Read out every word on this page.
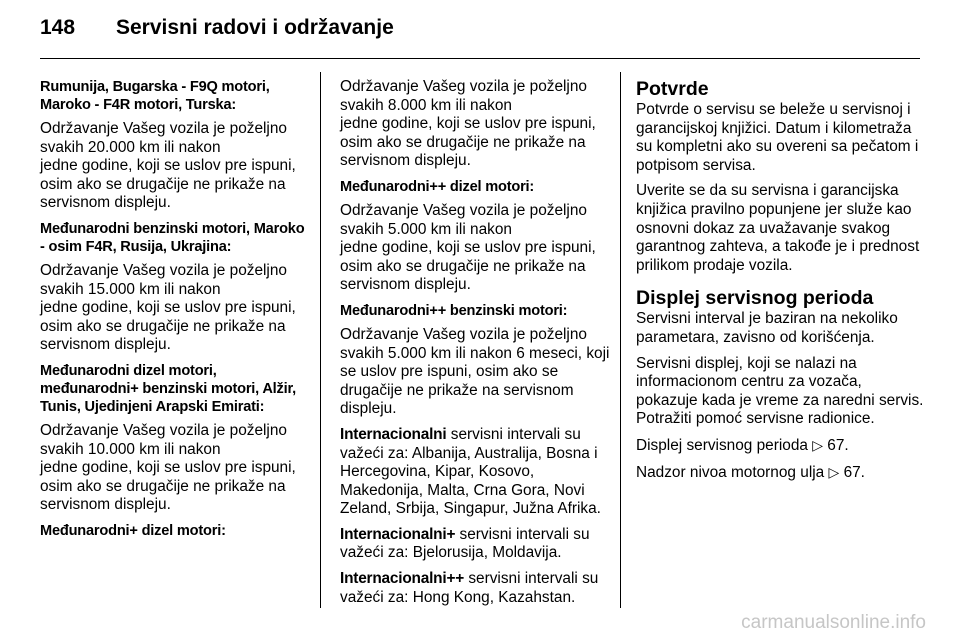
148	Servisni radovi i održavanje
Rumunija, Bugarska - F9Q motori, Maroko - F4R motori, Turska:
Održavanje Vašeg vozila je poželjno svakih 20.000 km ili nakon
jedne godine, koji se uslov pre ispuni, osim ako se drugačije ne prikaže na servisnom displeju.
Međunarodni benzinski motori, Maroko - osim F4R, Rusija, Ukrajina:
Održavanje Vašeg vozila je poželjno svakih 15.000 km ili nakon
jedne godine, koji se uslov pre ispuni, osim ako se drugačije ne prikaže na servisnom displeju.
Međunarodni dizel motori, međunarodni+ benzinski motori, Alžir, Tunis, Ujedinjeni Arapski Emirati:
Održavanje Vašeg vozila je poželjno svakih 10.000 km ili nakon
jedne godine, koji se uslov pre ispuni, osim ako se drugačije ne prikaže na servisnom displeju.
Međunarodni+ dizel motori:
Održavanje Vašeg vozila je poželjno svakih 8.000 km ili nakon
jedne godine, koji se uslov pre ispuni, osim ako se drugačije ne prikaže na servisnom displeju.
Međunarodni++ dizel motori:
Održavanje Vašeg vozila je poželjno svakih 5.000 km ili nakon
jedne godine, koji se uslov pre ispuni, osim ako se drugačije ne prikaže na servisnom displeju.
Međunarodni++ benzinski motori:
Održavanje Vašeg vozila je poželjno svakih 5.000 km ili nakon 6 meseci, koji se uslov pre ispuni, osim ako se drugačije ne prikaže na servisnom displeju.
Internacionalni servisni intervali su važeći za: Albanija, Australija, Bosna i Hercegovina, Kipar, Kosovo, Makedonija, Malta, Crna Gora, Novi Zeland, Srbija, Singapur, Južna Afrika.
Internacionalni+ servisni intervali su važeći za: Bjelorusija, Moldavija.
Internacionalni++ servisni intervali su važeći za: Hong Kong, Kazahstan.
Potvrde
Potvrde o servisu se beleže u servisnoj i garancijskoj knjižici. Datum i kilometraža su kompletni ako su overeni sa pečatom i potpisom servisa.
Uverite se da su servisna i garancijska knjižica pravilno popunjene jer služe kao osnovni dokaz za uvažavanje svakog garantnog zahteva, a takođe je i prednost prilikom prodaje vozila.
Displej servisnog perioda
Servisni interval je baziran na nekoliko parametara, zavisno od korišćenja.
Servisni displej, koji se nalazi na informacionom centru za vozača, pokazuje kada je vreme za naredni servis. Potražiti pomoć servisne radionice.
Displej servisnog perioda ▷ 67.
Nadzor nivoa motornog ulja ▷ 67.
carmanualsonline.info
